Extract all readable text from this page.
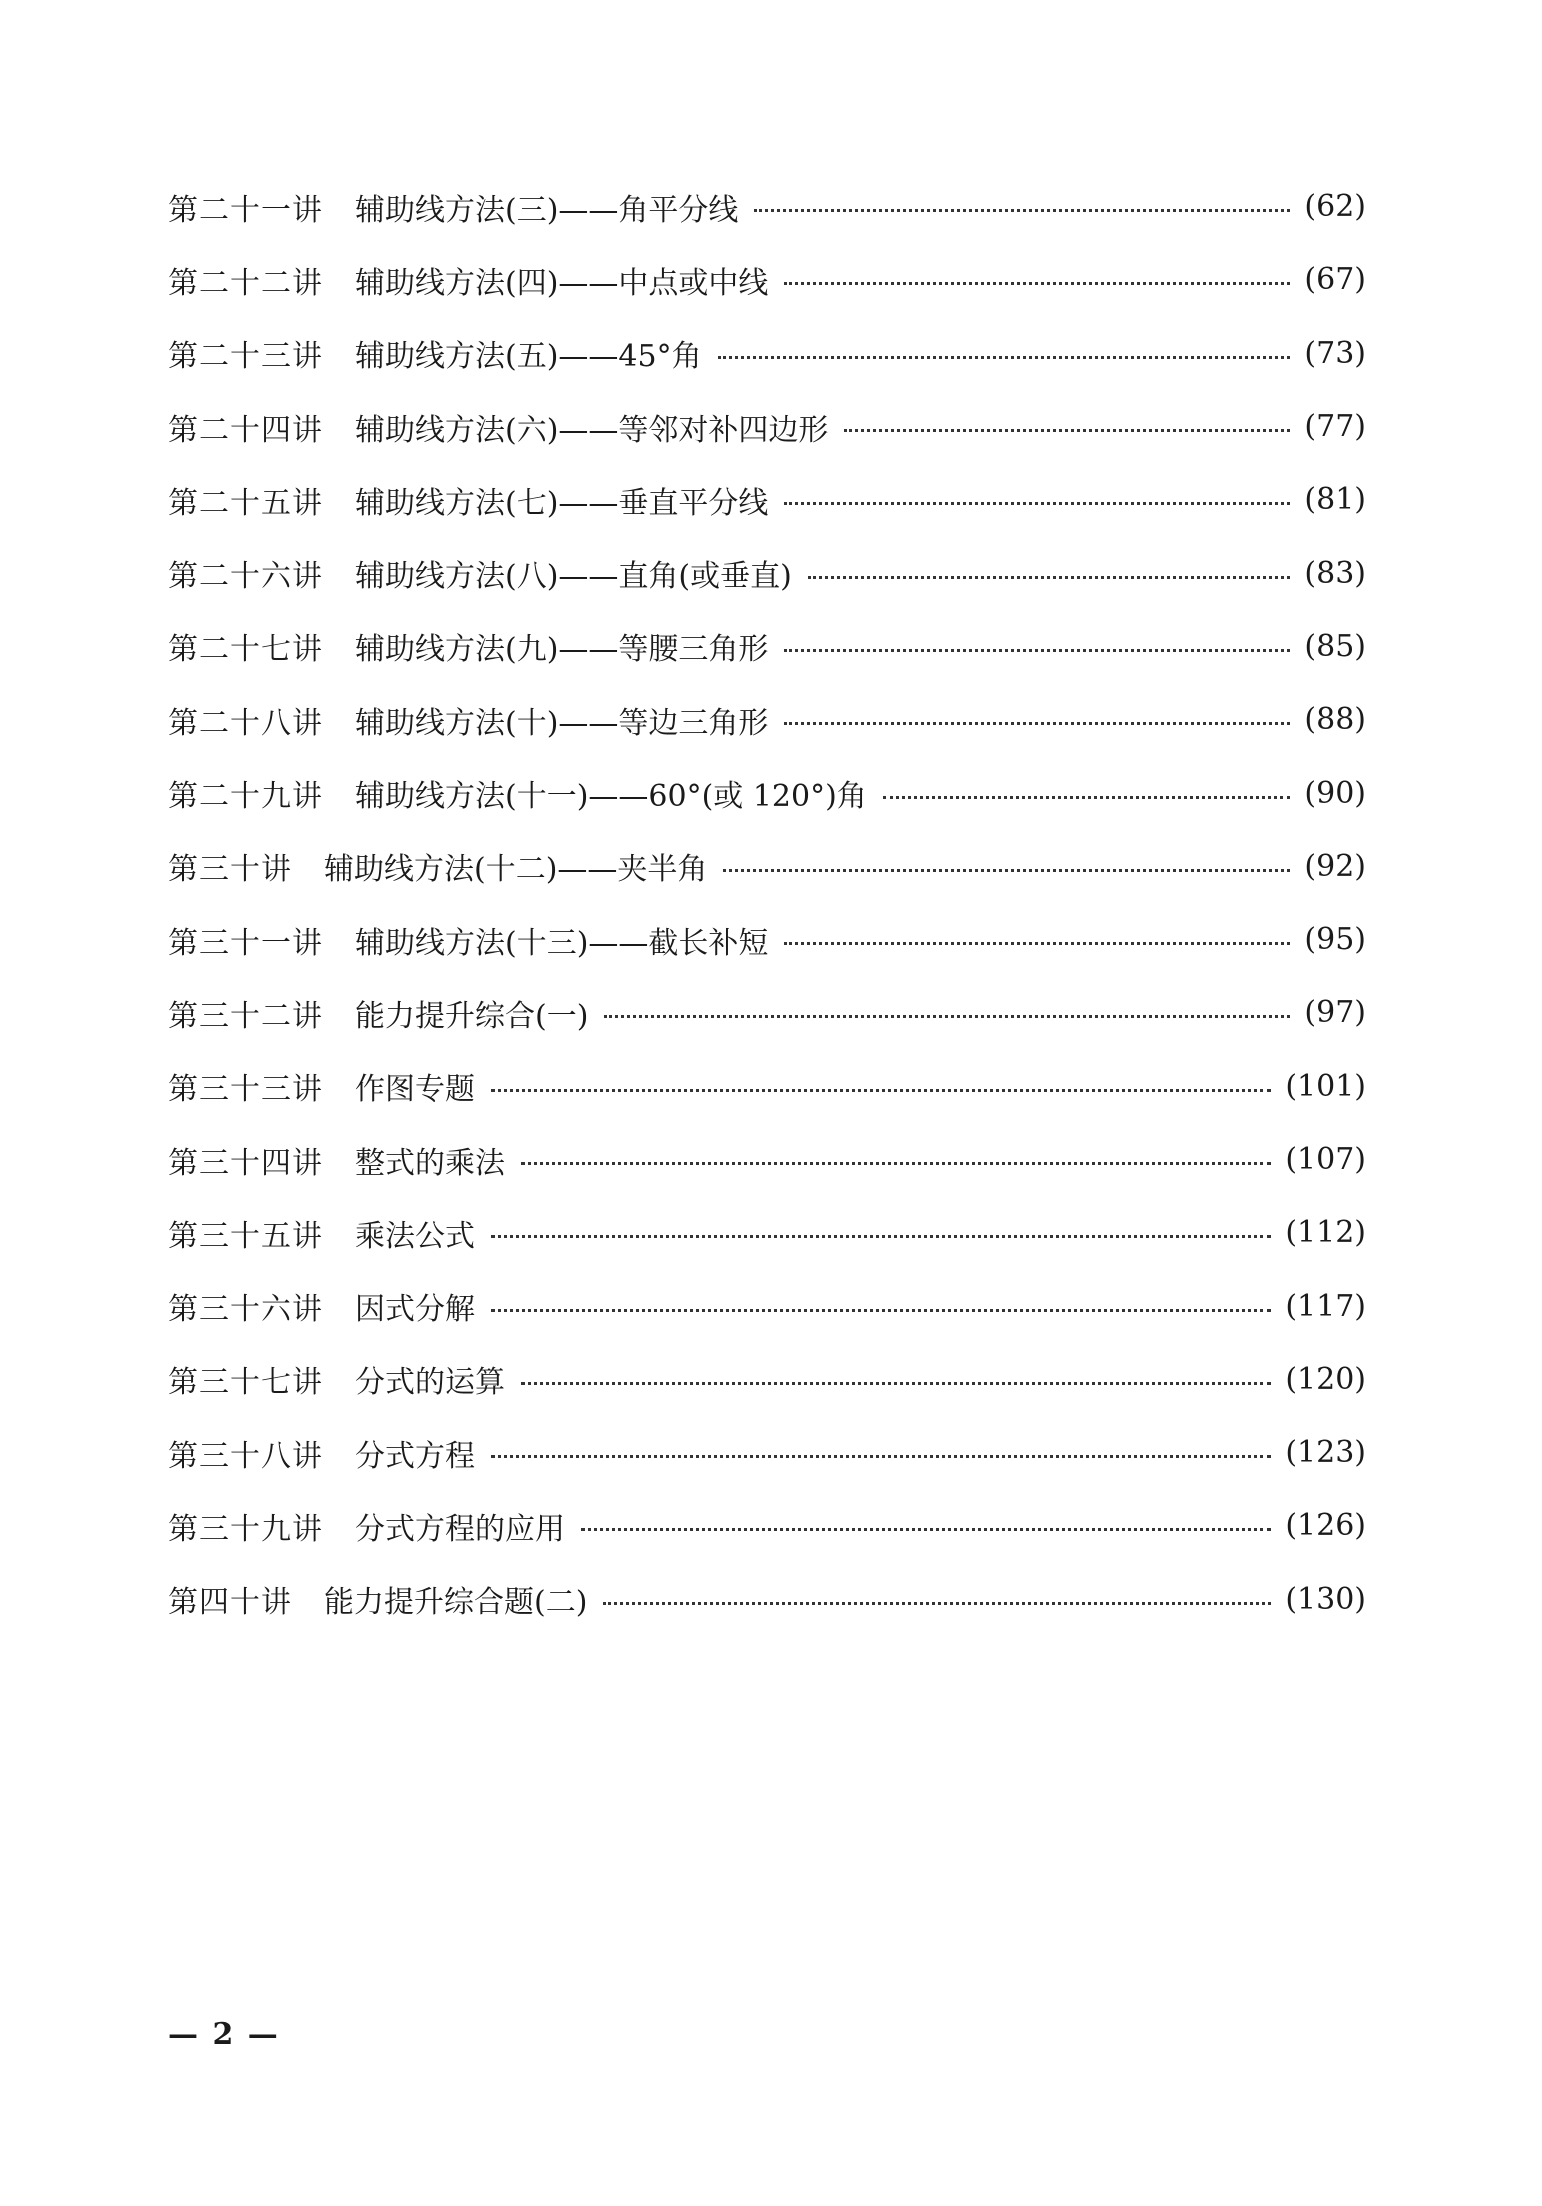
第二十一讲 辅助线方法(三)——角平分线	(62)
第二十二讲 辅助线方法(四)——中点或中线	(67)
第二十三讲 辅助线方法(五)——45°角	(73)
第二十四讲 辅助线方法(六)——等邻对补四边形	(77)
第二十五讲 辅助线方法(七)——垂直平分线	(81)
第二十六讲 辅助线方法(八)——直角(或垂直)	(83)
第二十七讲 辅助线方法(九)——等腰三角形	(85)
第二十八讲 辅助线方法(十)——等边三角形	(88)
第二十九讲 辅助线方法(十一)——60°(或 120°)角	(90)
第三十讲 辅助线方法(十二)——夹半角	(92)
第三十一讲 辅助线方法(十三)——截长补短	(95)
第三十二讲 能力提升综合(一)	(97)
第三十三讲 作图专题	(101)
第三十四讲 整式的乘法	(107)
第三十五讲 乘法公式	(112)
第三十六讲 因式分解	(117)
第三十七讲 分式的运算	(120)
第三十八讲 分式方程	(123)
第三十九讲 分式方程的应用	(126)
第四十讲 能力提升综合题(二)	(130)
— 2 —
